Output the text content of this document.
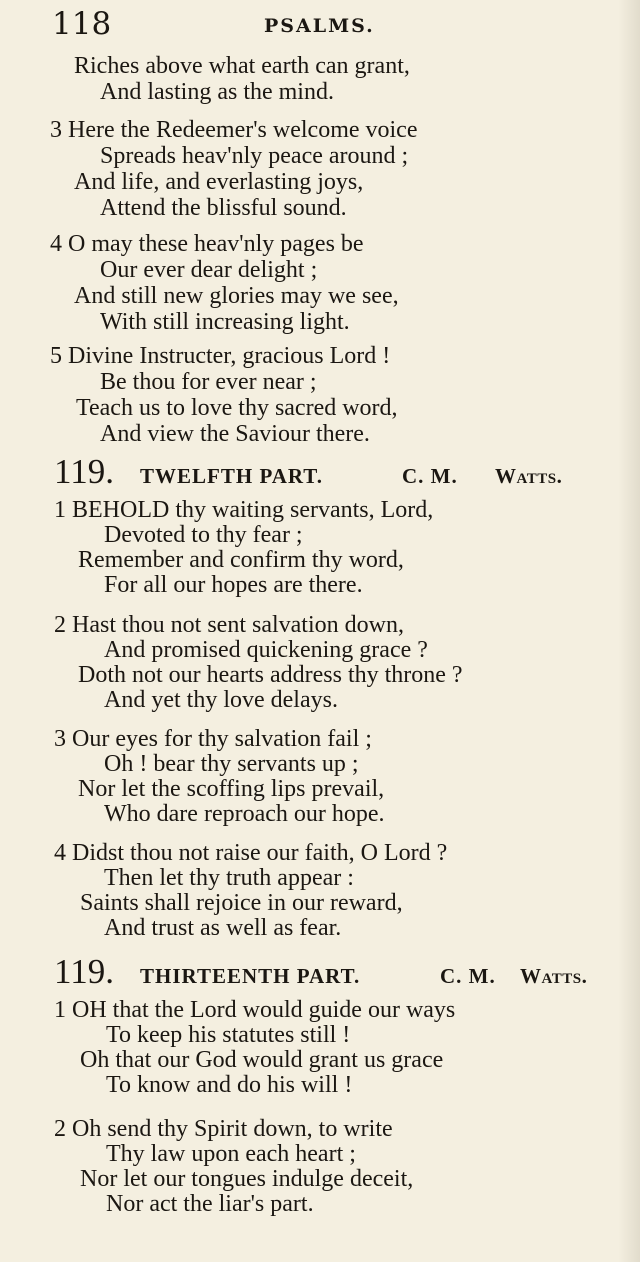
118	PSALMS.
Riches above what earth can grant,
And lasting as the mind.
3 Here the Redeemer's welcome voice
Spreads heav'nly peace around ;
And life, and everlasting joys,
Attend the blissful sound.
4 O may these heav'nly pages be
Our ever dear delight ;
And still new glories may we see,
With still increasing light.
5 Divine Instructer, gracious Lord !
Be thou for ever near ;
Teach us to love thy sacred word,
And view the Saviour there.
119 .	TWELFTH PART.	C. M. Watts.
1 BEHOLD thy waiting servants, Lord,
Devoted to thy fear ;
Remember and confirm thy word,
For all our hopes are there.
2 Hast thou not sent salvation down,
And promised quickening grace ?
Doth not our hearts address thy throne ?
And yet thy love delays.
3 Our eyes for thy salvation fail ;
Oh ! bear thy servants up ;
Nor let the scoffing lips prevail,
Who dare reproach our hope.
4 Didst thou not raise our faith, O Lord ?
Then let thy truth appear :
Saints shall rejoice in our reward,
And trust as well as fear.
119 .	THIRTEENTH PART.	C. M. Watts.
1 OH that the Lord would guide our ways
To keep his statutes still !
Oh that our God would grant us grace
To know and do his will !
2 Oh send thy Spirit down, to write
Thy law upon each heart ;
Nor let our tongues indulge deceit,
Nor act the liar's part.
